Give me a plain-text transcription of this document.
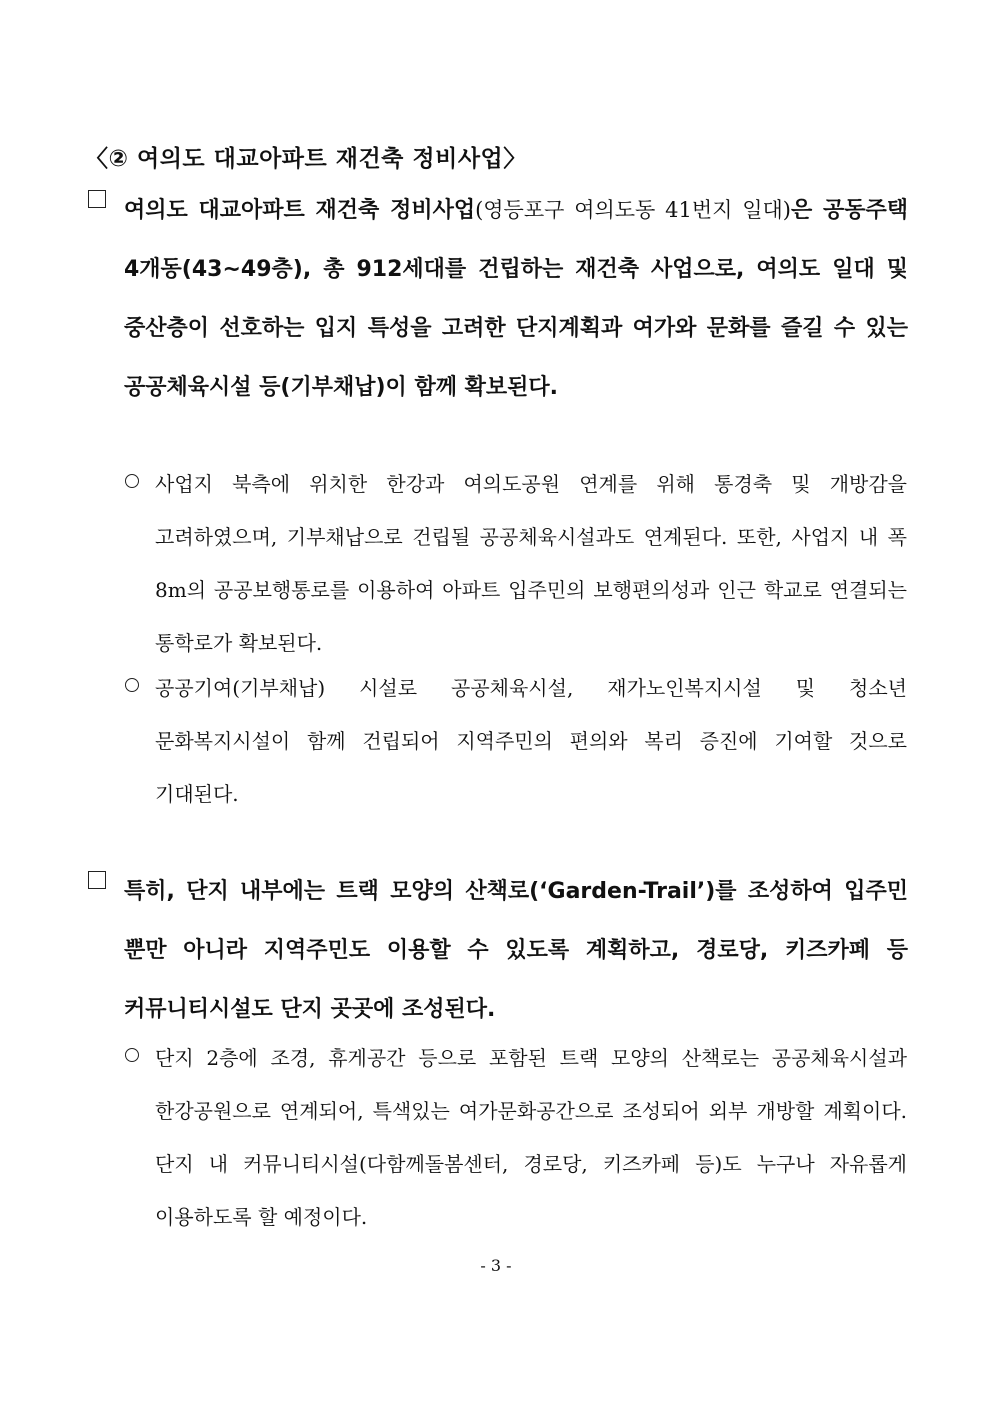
〈② 여의도 대교아파트 재건축 정비사업〉
여의도 대교아파트 재건축 정비사업(영등포구 여의도동 41번지 일대)은 공동주택 4개동(43~49층), 총 912세대를 건립하는 재건축 사업으로, 여의도 일대 및 중산층이 선호하는 입지 특성을 고려한 단지계획과 여가와 문화를 즐길 수 있는 공공체육시설 등(기부채납)이 함께 확보된다.
사업지 북측에 위치한 한강과 여의도공원 연계를 위해 통경축 및 개방감을 고려하였으며, 기부채납으로 건립될 공공체육시설과도 연계된다. 또한, 사업지 내 폭 8m의 공공보행통로를 이용하여 아파트 입주민의 보행편의성과 인근 학교로 연결되는 통학로가 확보된다.
공공기여(기부채납) 시설로 공공체육시설, 재가노인복지시설 및 청소년 문화복지시설이 함께 건립되어 지역주민의 편의와 복리 증진에 기여할 것으로 기대된다.
특히, 단지 내부에는 트랙 모양의 산책로(‘Garden-Trail’)를 조성하여 입주민 뿐만 아니라 지역주민도 이용할 수 있도록 계획하고, 경로당, 키즈카페 등 커뮤니티시설도 단지 곳곳에 조성된다.
단지 2층에 조경, 휴게공간 등으로 포함된 트랙 모양의 산책로는 공공체육시설과 한강공원으로 연계되어, 특색있는 여가문화공간으로 조성되어 외부 개방할 계획이다. 단지 내 커뮤니티시설(다함께돌봄센터, 경로당, 키즈카페 등)도 누구나 자유롭게 이용하도록 할 예정이다.
- 3 -
